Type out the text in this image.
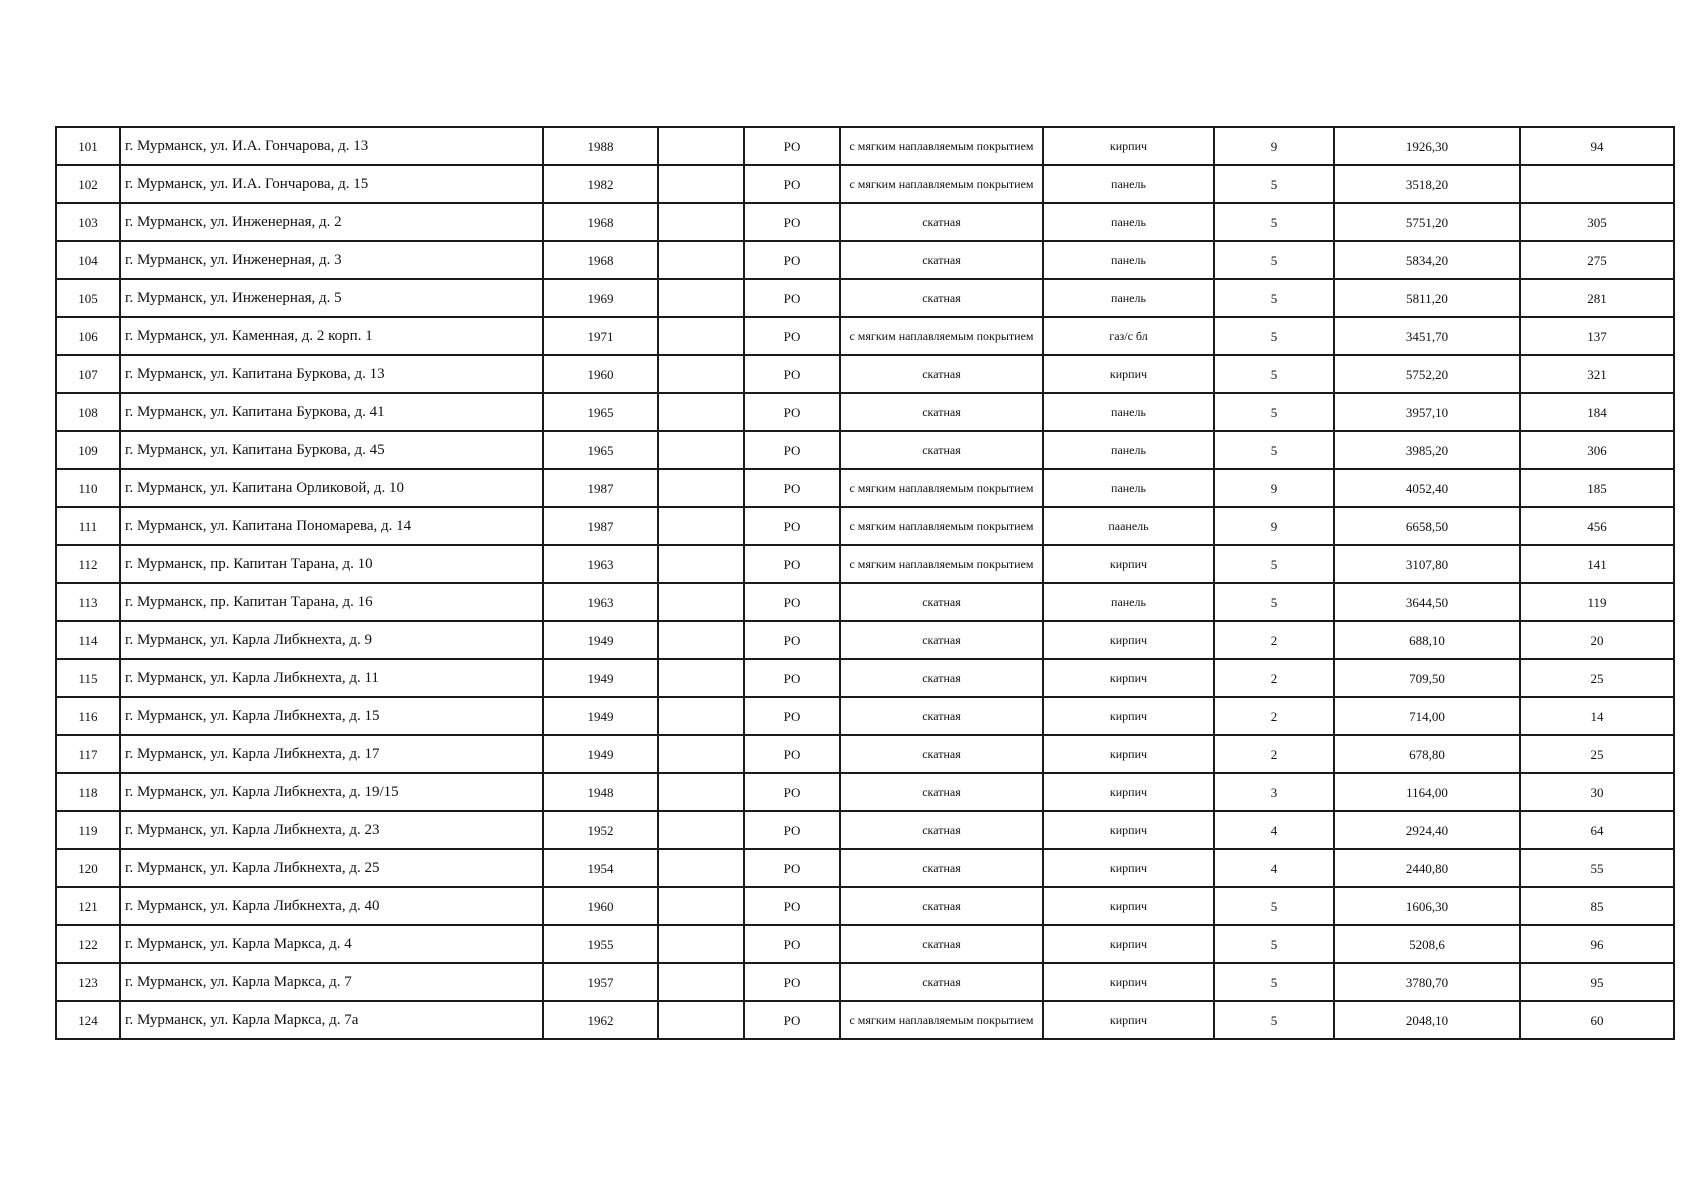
101	г. Мурманск, ул. И.А. Гончарова, д. 13	1988		РО	с мягким наплавляемым покрытием	кирпич	9	1926,30	94
102	г. Мурманск, ул. И.А. Гончарова, д. 15	1982		РО	с мягким наплавляемым покрытием	панель	5	3518,20	
103	г. Мурманск, ул. Инженерная, д. 2	1968		РО	скатная	панель	5	5751,20	305
104	г. Мурманск, ул. Инженерная, д. 3	1968		РО	скатная	панель	5	5834,20	275
105	г. Мурманск, ул. Инженерная, д. 5	1969		РО	скатная	панель	5	5811,20	281
106	г. Мурманск, ул. Каменная, д. 2 корп. 1	1971		РО	с мягким наплавляемым покрытием	газ/с бл	5	3451,70	137
107	г. Мурманск, ул. Капитана Буркова, д. 13	1960		РО	скатная	кирпич	5	5752,20	321
108	г. Мурманск, ул. Капитана Буркова, д. 41	1965		РО	скатная	панель	5	3957,10	184
109	г. Мурманск, ул. Капитана Буркова, д. 45	1965		РО	скатная	панель	5	3985,20	306
110	г. Мурманск, ул. Капитана Орликовой, д. 10	1987		РО	с мягким наплавляемым покрытием	панель	9	4052,40	185
111	г. Мурманск, ул. Капитана Пономарева, д. 14	1987		РО	с мягким наплавляемым покрытием	паанель	9	6658,50	456
112	г. Мурманск, пр. Капитан Тарана, д. 10	1963		РО	с мягким наплавляемым покрытием	кирпич	5	3107,80	141
113	г. Мурманск, пр. Капитан Тарана, д. 16	1963		РО	скатная	панель	5	3644,50	119
114	г. Мурманск, ул. Карла Либкнехта, д. 9	1949		РО	скатная	кирпич	2	688,10	20
115	г. Мурманск, ул. Карла Либкнехта, д. 11	1949		РО	скатная	кирпич	2	709,50	25
116	г. Мурманск, ул. Карла Либкнехта, д. 15	1949		РО	скатная	кирпич	2	714,00	14
117	г. Мурманск, ул. Карла Либкнехта, д. 17	1949		РО	скатная	кирпич	2	678,80	25
118	г. Мурманск, ул. Карла Либкнехта, д. 19/15	1948		РО	скатная	кирпич	3	1164,00	30
119	г. Мурманск, ул. Карла Либкнехта, д. 23	1952		РО	скатная	кирпич	4	2924,40	64
120	г. Мурманск, ул. Карла Либкнехта, д. 25	1954		РО	скатная	кирпич	4	2440,80	55
121	г. Мурманск, ул. Карла Либкнехта, д. 40	1960		РО	скатная	кирпич	5	1606,30	85
122	г. Мурманск, ул. Карла Маркса, д. 4	1955		РО	скатная	кирпич	5	5208,6	96
123	г. Мурманск, ул. Карла Маркса, д. 7	1957		РО	скатная	кирпич	5	3780,70	95
124	г. Мурманск, ул. Карла Маркса, д. 7а	1962		РО	с мягким наплавляемым покрытием	кирпич	5	2048,10	60
